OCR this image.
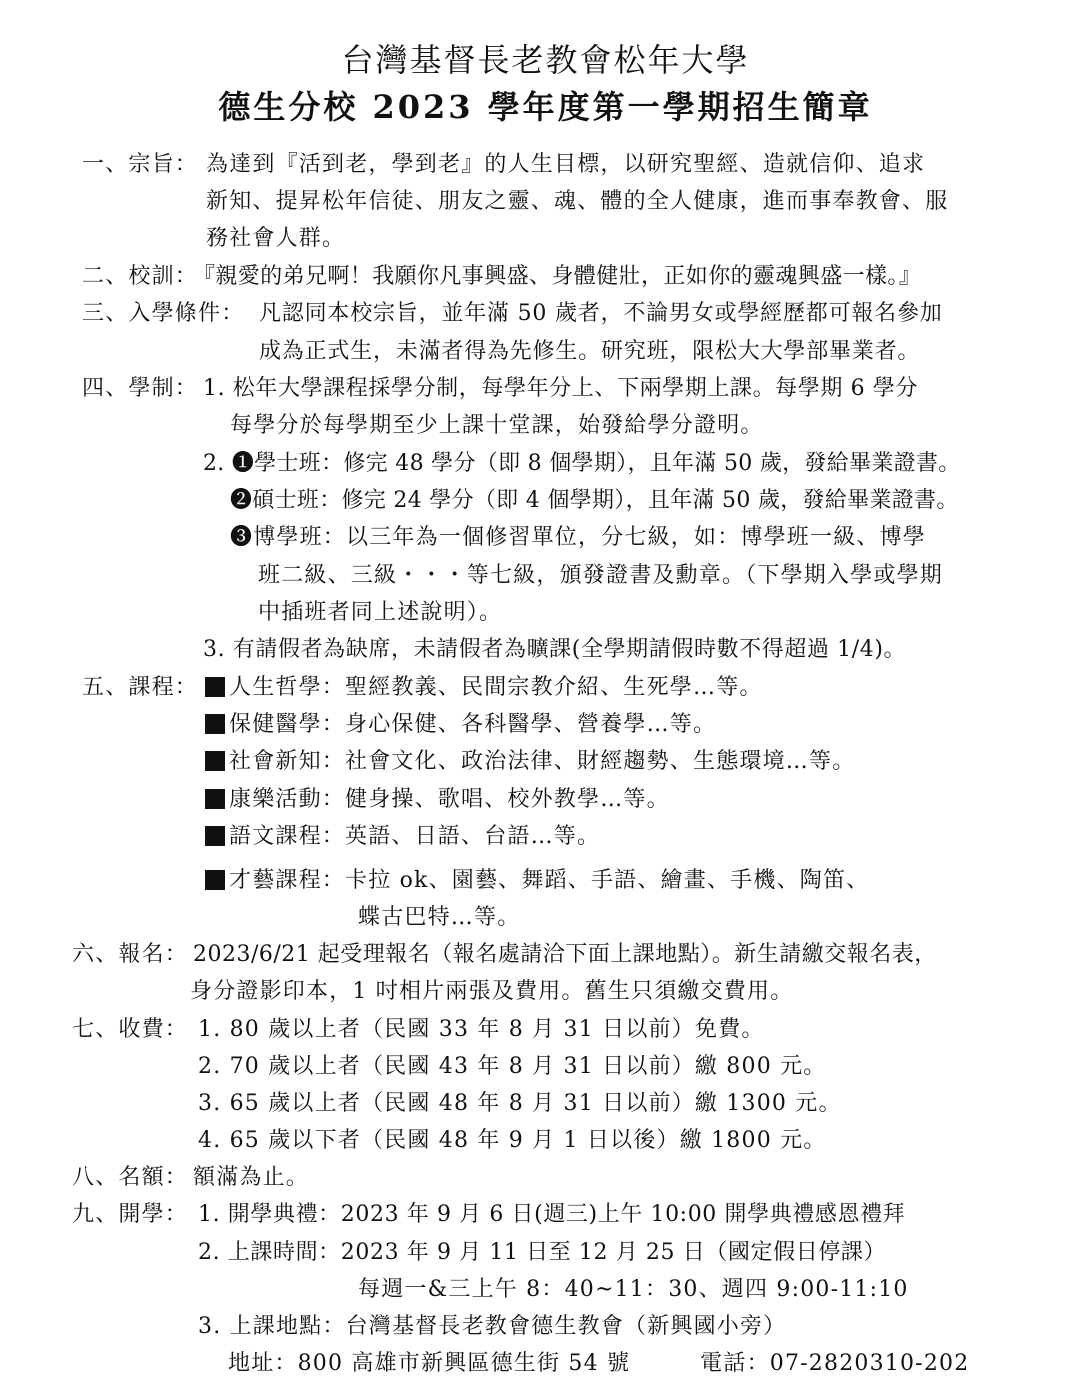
台灣基督長老教會松年大學
德生分校 2023 學年度第一學期招生簡章
一、宗旨： 為達到『活到老，學到老』的人生目標，以研究聖經、造就信仰、追求
新知、提昇松年信徒、朋友之靈、魂、體的全人健康，進而事奉教會、服
務社會人群。
二、校訓：
『親愛的弟兄啊！我願你凡事興盛、身體健壯，正如你的靈魂興盛一樣。』
三、入學條件： 凡認同本校宗旨，並年滿 50 歲者，不論男女或學經歷都可報名參加
成為正式生，未滿者得為先修生。研究班，限松大大學部畢業者。
四、學制： 1. 松年大學課程採學分制，每學年分上、下兩學期上課。每學期 6 學分
每學分於每學期至少上課十堂課，始發給學分證明。
2. ❶學士班：修完 48 學分（即 8 個學期），且年滿 50 歲，發給畢業證書。
❷碩士班：修完 24 學分（即 4 個學期），且年滿 50 歲，發給畢業證書。
❸博學班：以三年為一個修習單位，分七級，如：博學班一級、博學
班二級、三級・・・等七級，頒發證書及勳章。（下學期入學或學期
中插班者同上述說明）。
3. 有請假者為缺席，未請假者為曠課(全學期請假時數不得超過 1/4)。
五、課程：	人生哲學：聖經教義、民間宗教介紹、生死學…等。
保健醫學：身心保健、各科醫學、營養學…等。
社會新知：社會文化、政治法律、財經趨勢、生態環境…等。
康樂活動：健身操、歌唱、校外教學…等。
語文課程：英語、日語、台語…等。
才藝課程：卡拉 ok、園藝、舞蹈、手語、繪畫、手機、陶笛、
蝶古巴特…等。
六、報名： 2023/6/21 起受理報名（報名處請洽下面上課地點）。新生請繳交報名表，
身分證影印本，1 吋相片兩張及費用。舊生只須繳交費用。
七、收費： 1. 80 歲以上者（民國 33 年 8 月 31 日以前）免費。
2. 70 歲以上者（民國 43 年 8 月 31 日以前）繳 800 元。
3. 65 歲以上者（民國 48 年 8 月 31 日以前）繳 1300 元。
4. 65 歲以下者（民國 48 年 9 月 1 日以後）繳 1800 元。
八、名額： 額滿為止。
九、開學： 1. 開學典禮：2023 年 9 月 6 日(週三)上午 10:00 開學典禮感恩禮拜
2. 上課時間：2023 年 9 月 11 日至 12 月 25 日（國定假日停課）
每週一&三上午 8：40~11：30、週四 9:00-11:10
3. 上課地點：台灣基督長老教會德生教會（新興國小旁）
地址：800 高雄市新興區德生街 54 號	電話：07-2820310-202
